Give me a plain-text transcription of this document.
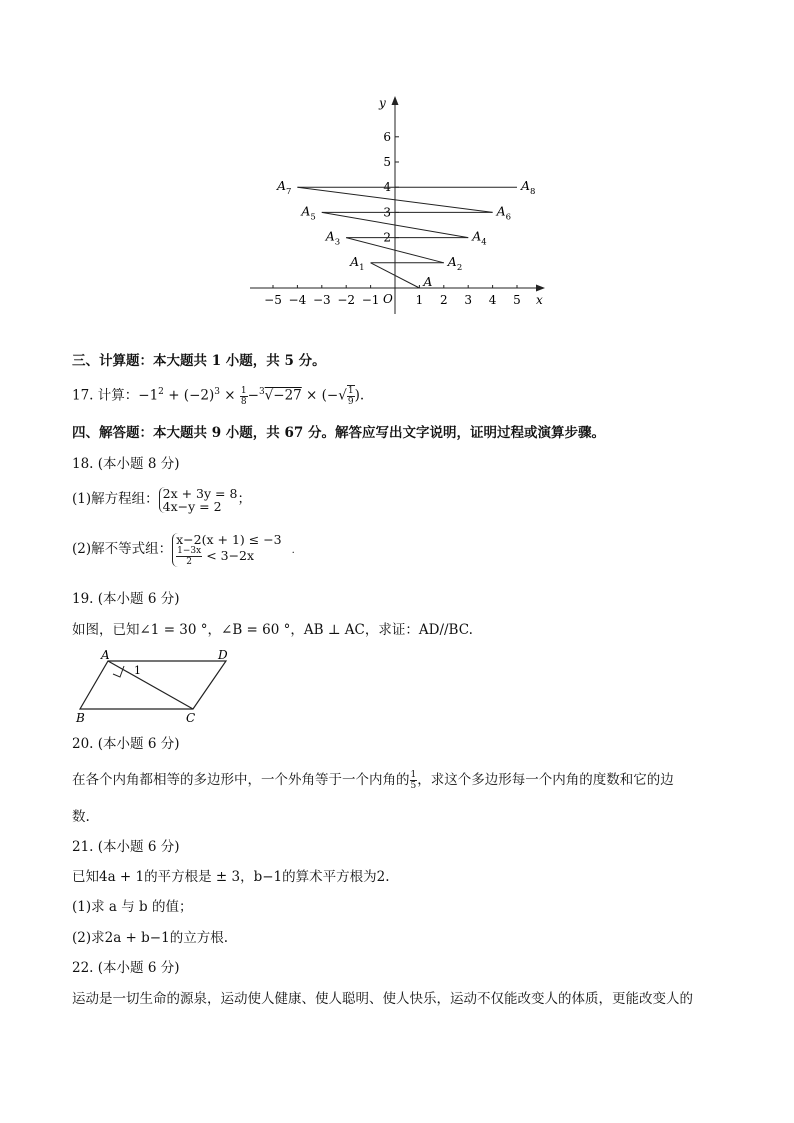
x
y
O
−5 −4 −3 −2 −1	1 2 3 4 5
2
3
4
5
6
A
$A_1$	$A_2$
$A_3$	$A_4$
$A_5$	$A_6$
$A_7$	$A_8$
三、计算题：本大题共 1 小题，共 5 分。
17. 计算：$-1^2 + (-2)^3 \times \frac{1}{8} -^3√-27$ × (−√ $\frac{1}{9}$ ).
四、解答题：本大题共 9 小题，共 67 分。解答应写出文字说明，证明过程或演算步骤。
18. (本小题 8 分)
(1)解方程组： 2x + 3y = 8
4x−y = 2	；
(2)解不等式组：
x−2(x + 1) ≤ −3
$\frac{1-3x}{2} < 3-2x$	.
19. (本小题 6 分)
如图，已知∠1 = 30 °，∠B = 60 °，AB ⊥ AC，求证：AD//BC.
A	D
B	C
1
20. (本小题 6 分)
在各个内角都相等的多边形中，一个外角等于一个内角的 $\frac{1}{5}$ ，求这个多边形每一个内角的度数和它的边
数.
21. (本小题 6 分)
已知4a + 1的平方根是 ± 3，b−1的算术平方根为2.
(1)求 a 与 b 的值；
(2)求2a + b−1的立方根.
22. (本小题 6 分)
运动是一切生命的源泉，运动使人健康、使人聪明、使人快乐，运动不仅能改变人的体质，更能改变人的
